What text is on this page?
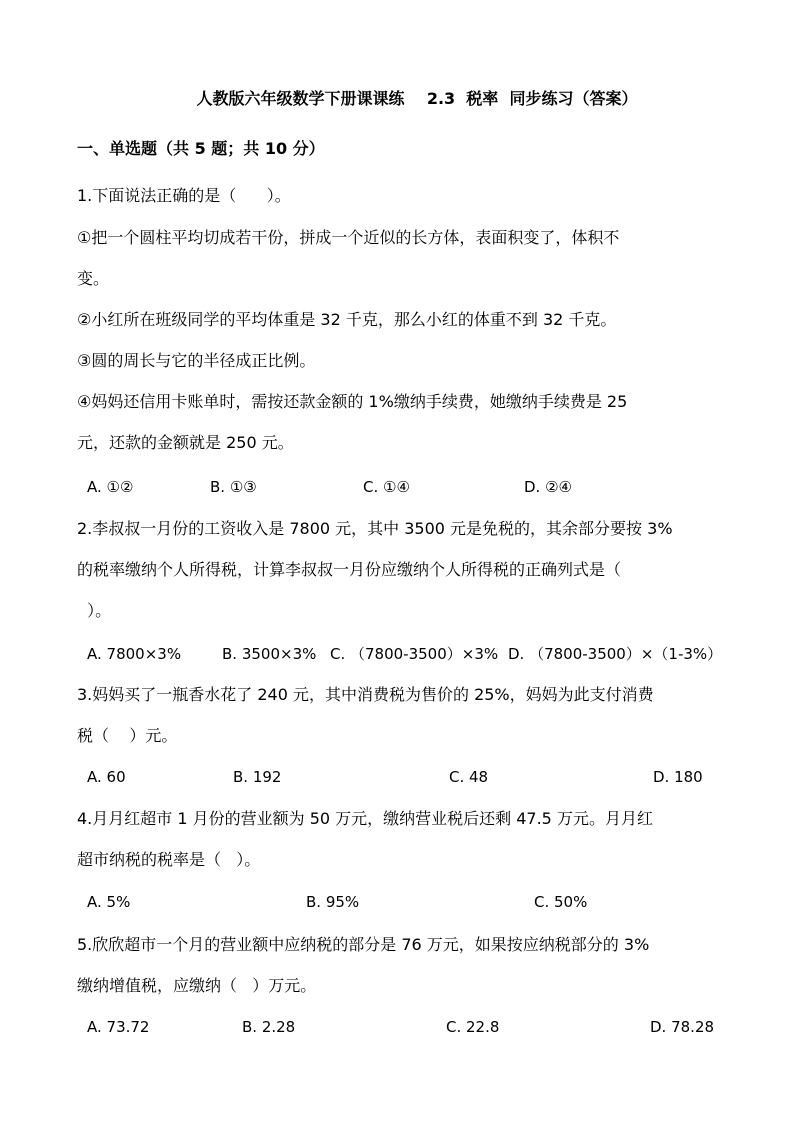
人教版六年级数学下册课课练    2.3  税率  同步练习（答案）
一、单选题（共 5 题；共 10 分）
1.下面说法正确的是（      ）。
①把一个圆柱平均切成若干份，拼成一个近似的长方体，表面积变了，体积不
变。
②小红所在班级同学的平均体重是 32 千克，那么小红的体重不到 32 千克。
③圆的周长与它的半径成正比例。
④妈妈还信用卡账单时，需按还款金额的 1%缴纳手续费，她缴纳手续费是 25
元，还款的金额就是 250 元。
A. ①②	B. ①③	C. ①④	D. ②④
2.李叔叔一月份的工资收入是 7800 元，其中 3500 元是免税的，其余部分要按 3%
的税率缴纳个人所得税，计算李叔叔一月份应缴纳个人所得税的正确列式是（
）。
A. 7800×3%	B. 3500×3% C. （7800-3500）×3% D. （7800-3500）×（1-3%）
3.妈妈买了一瓶香水花了 240 元，其中消费税为售价的 25%，妈妈为此支付消费
税（    ）元。
A. 60	B. 192	C. 48	D. 180
4.月月红超市 1 月份的营业额为 50 万元，缴纳营业税后还剩 47.5 万元。月月红
超市纳税的税率是（   ）。
A. 5%	B. 95%	C. 50%
5.欣欣超市一个月的营业额中应纳税的部分是 76 万元，如果按应纳税部分的 3%
缴纳增值税，应缴纳（   ）万元。
A. 73.72	B. 2.28	C. 22.8	D. 78.28
